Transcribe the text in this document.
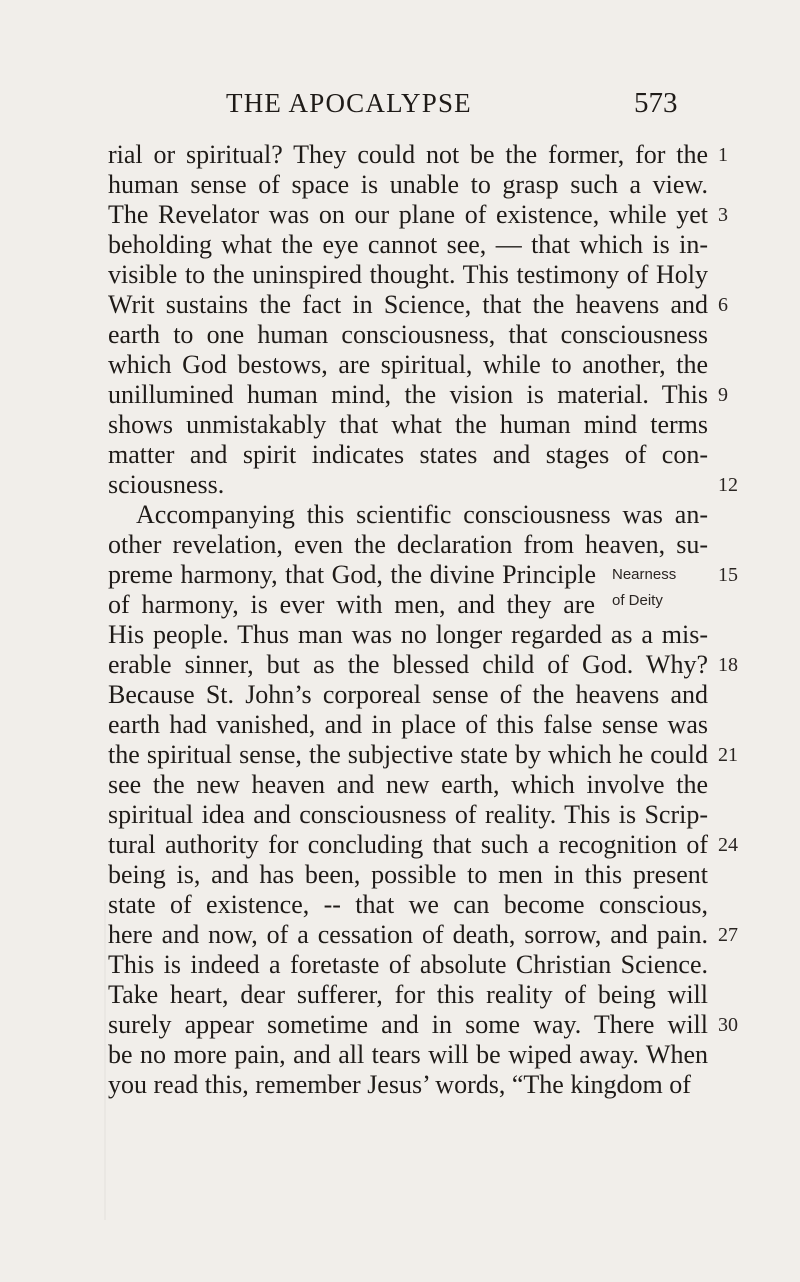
THE APOCALYPSE	573
rial or spiritual? They could not be the former, for the
human sense of space is unable to grasp such a view.
The Revelator was on our plane of existence, while yet
beholding what the eye cannot see, — that which is in-
visible to the uninspired thought. This testimony of Holy
Writ sustains the fact in Science, that the heavens and
earth to one human consciousness, that consciousness
which God bestows, are spiritual, while to another, the
unillumined human mind, the vision is material. This
shows unmistakably that what the human mind terms
matter and spirit indicates states and stages of con-
sciousness.
Accompanying this scientific consciousness was an-
other revelation, even the declaration from heaven, su-
preme harmony, that God, the divine Principle
of harmony, is ever with men, and they are
His people. Thus man was no longer regarded as a mis-
erable sinner, but as the blessed child of God. Why?
Because St. John’s corporeal sense of the heavens and
earth had vanished, and in place of this false sense was
the spiritual sense, the subjective state by which he could
see the new heaven and new earth, which involve the
spiritual idea and consciousness of reality. This is Scrip-
tural authority for concluding that such a recognition of
being is, and has been, possible to men in this present
state of existence, -- that we can become conscious,
here and now, of a cessation of death, sorrow, and pain.
This is indeed a foretaste of absolute Christian Science.
Take heart, dear sufferer, for this reality of being will
surely appear sometime and in some way. There will
be no more pain, and all tears will be wiped away. When
you read this, remember Jesus’ words, “The kingdom of
1
3
6
9
12
15
18
21
24
27
30
Nearness
of Deity
